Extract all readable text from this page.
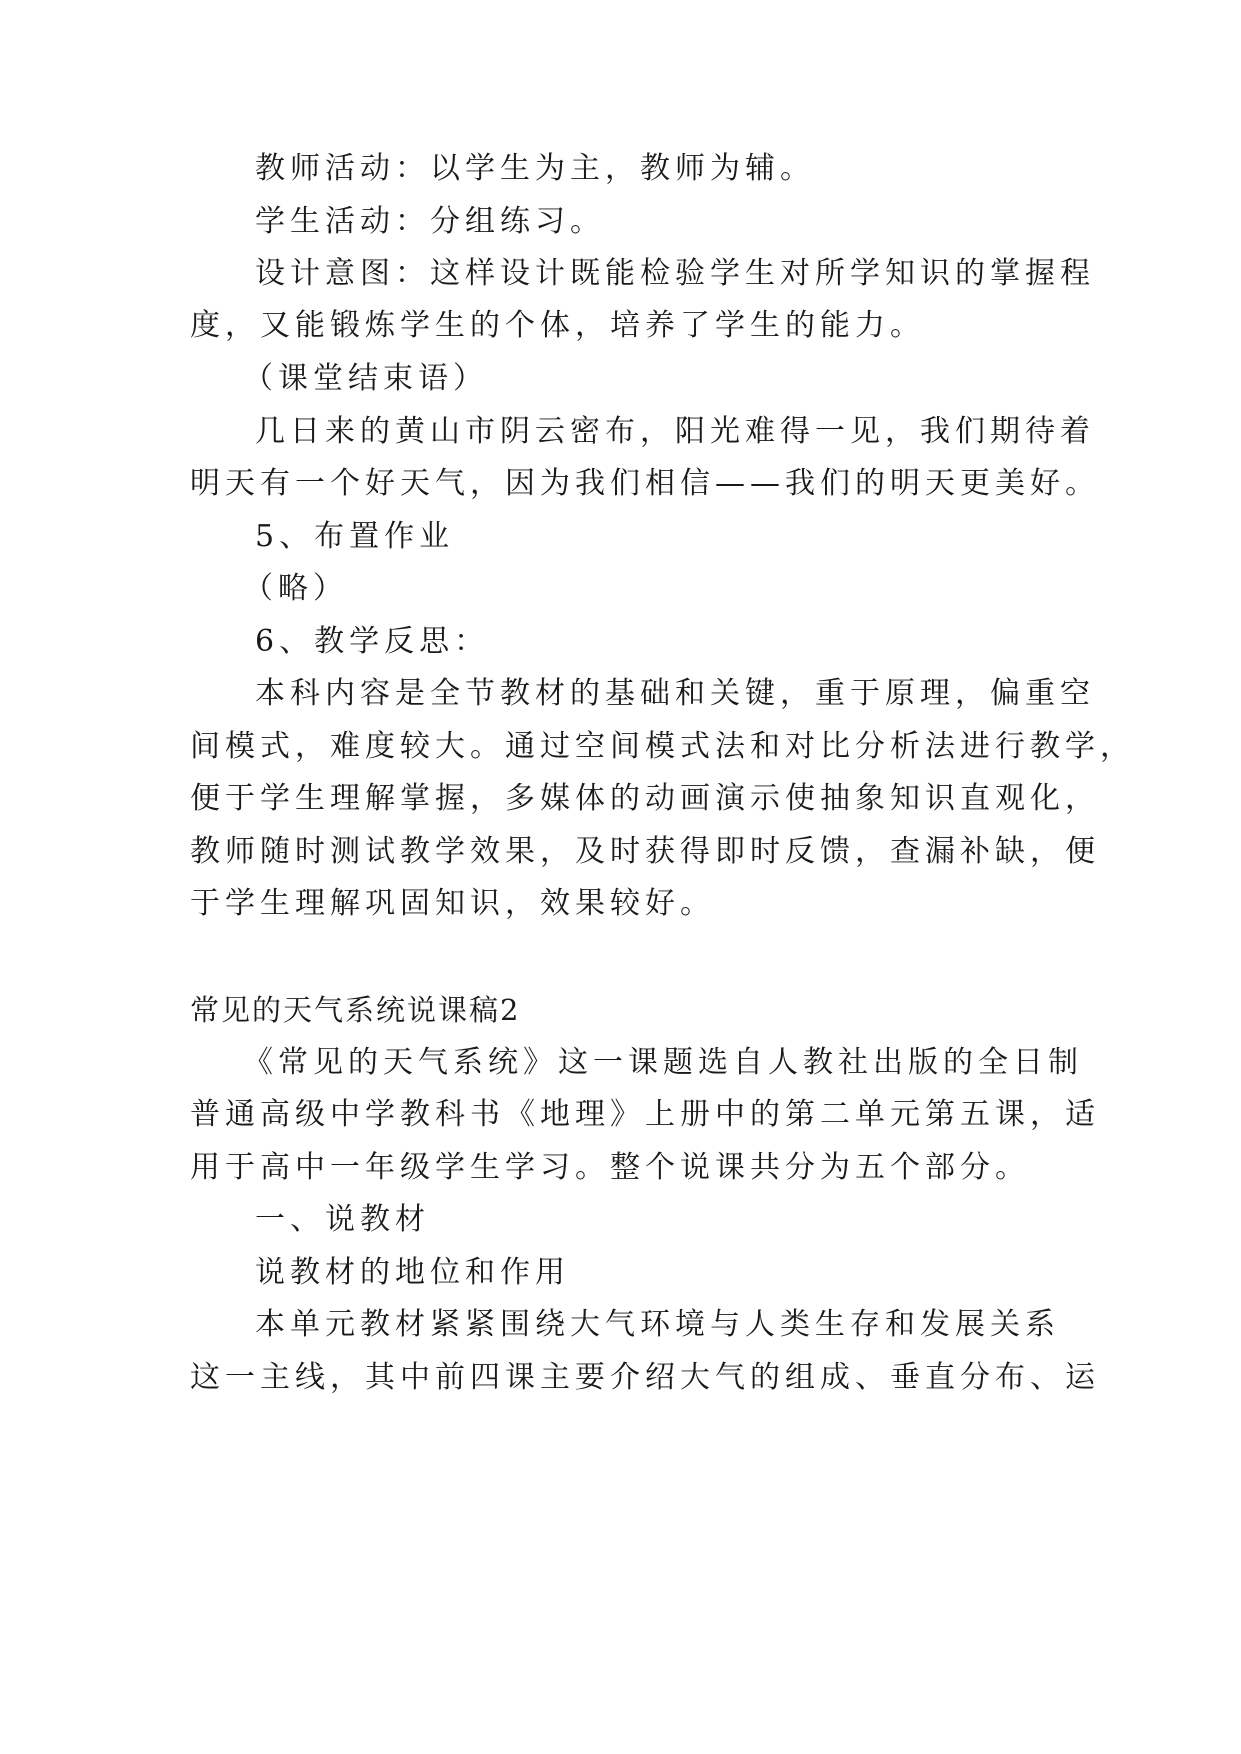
教师活动：以学生为主，教师为辅。
学生活动：分组练习。
设计意图：这样设计既能检验学生对所学知识的掌握程
度，又能锻炼学生的个体，培养了学生的能力。
（课堂结束语）
几日来的黄山市阴云密布，阳光难得一见，我们期待着
明天有一个好天气，因为我们相信——我们的明天更美好。
5、布置作业
（略）
6、教学反思：
本科内容是全节教材的基础和关键，重于原理，偏重空
间模式，难度较大。通过空间模式法和对比分析法进行教学，
便于学生理解掌握，多媒体的动画演示使抽象知识直观化，
教师随时测试教学效果，及时获得即时反馈，查漏补缺，便
于学生理解巩固知识，效果较好。
常见的天气系统说课稿2
《常见的天气系统》这一课题选自人教社出版的全日制
普通高级中学教科书《地理》上册中的第二单元第五课，适
用于高中一年级学生学习。整个说课共分为五个部分。
一、说教材
说教材的地位和作用
本单元教材紧紧围绕大气环境与人类生存和发展关系
这一主线，其中前四课主要介绍大气的组成、垂直分布、运
